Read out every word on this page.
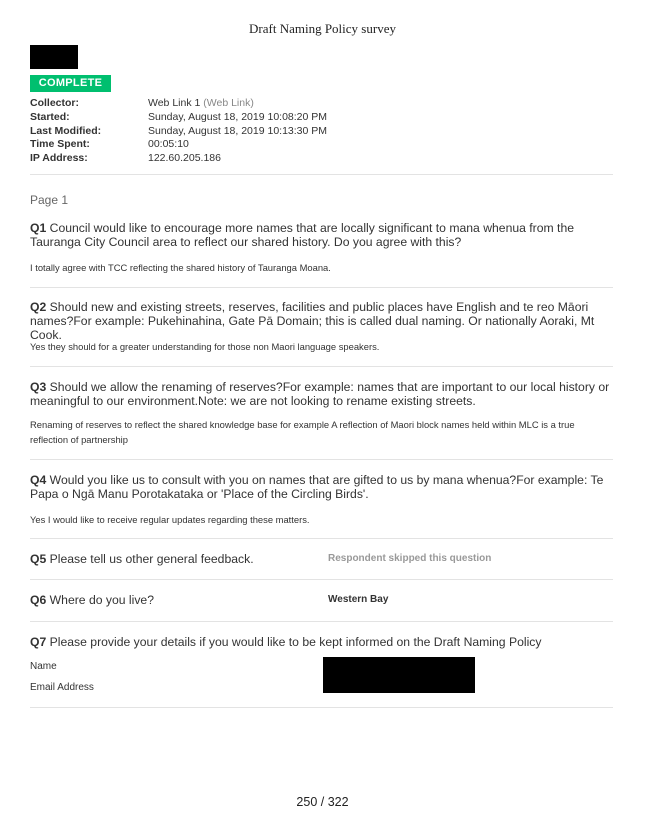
Draft Naming Policy survey
COMPLETE
Collector:	Web Link 1 (Web Link)
Started:	Sunday, August 18, 2019 10:08:20 PM
Last Modified:	Sunday, August 18, 2019 10:13:30 PM
Time Spent:	00:05:10
IP Address:	122.60.205.186
Page 1
Q1 Council would like to encourage more names that are locally significant to mana whenua from the Tauranga City Council area to reflect our shared history. Do you agree with this?
I totally agree with TCC reflecting the shared history of Tauranga Moana.
Q2 Should new and existing streets, reserves, facilities and public places have English and te reo Māori names?For example: Pukehinahina, Gate Pā Domain; this is called dual naming. Or nationally Aoraki, Mt Cook.
Yes they should for a greater understanding for those non Maori language speakers.
Q3 Should we allow the renaming of reserves?For example: names that are important to our local history or meaningful to our environment.Note: we are not looking to rename existing streets.
Renaming of reserves to reflect the shared knowledge base for example A reflection of Maori block names held within MLC is a true reflection of partnership
Q4 Would you like us to consult with you on names that are gifted to us by mana whenua?For example: Te Papa o Ngā Manu Porotakataka or 'Place of the Circling Birds'.
Yes I would like to receive regular updates regarding these matters.
Q5 Please tell us other general feedback.	Respondent skipped this question
Q6 Where do you live?	Western Bay
Q7 Please provide your details if you would like to be kept informed on the Draft Naming Policy
Name
Email Address
250 / 322
